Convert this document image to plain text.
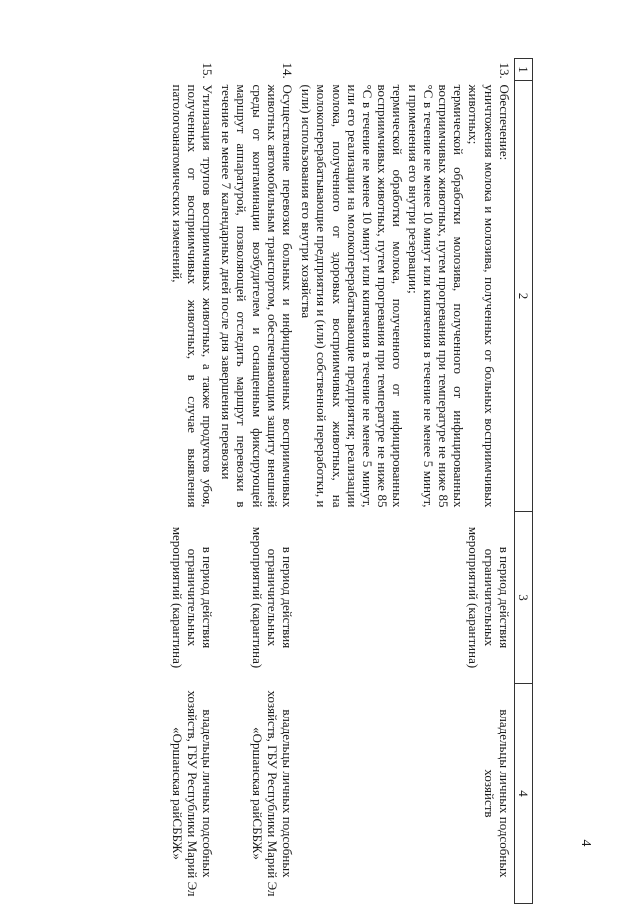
4
1	2	3	4
13.	Обеспечение:

уничтожения молока и молозива, полученных от больных восприимчивых животных;

термической обработки молозива, полученного от инфицированных восприимчивых животных, путем прогревания при температуре не ниже 85 °С в течение не менее 10 минут или кипячения в течение не менее 5 минут, и применения его внутри резервации;

термической обработки молока, полученного от инфицированных восприимчивых животных, путем прогревания при температуре не ниже 85 °С в течение не менее 10 минут или кипячения в течение не менее 5 минут, или его реализации на молокоперерабатывающие предприятия; реализации молока, полученного от здоровых восприимчивых животных, на молокоперерабатывающие предприятия и (или) собственной переработки, и (или) использования его внутри хозяйства	в период действия ограничительных мероприятий (карантина)	владельцы личных подсобных хозяйств
14.	Осуществление перевозки больных и инфицированных восприимчивых животных автомобильным транспортом, обеспечивающим защиту внешней среды от контаминации возбудителем и оснащенным фиксирующей маршрут аппаратурой, позволяющей отследить маршрут перевозки в течение не менее 7 календарных дней после дня завершения перевозки	в период действия ограничительных мероприятий (карантина)	владельцы личных подсобных хозяйств, ГБУ Республики Марий Эл «Оршанская райСББЖ»
15.	Утилизация трупов восприимчивых животных, а также продуктов убоя, полученных от восприимчивых животных, в случае выявления патологоанатомических изменений,	в период действия ограничительных мероприятий (карантина)	владельцы личных подсобных хозяйств, ГБУ Республики Марий Эл «Оршанская райСББЖ»
